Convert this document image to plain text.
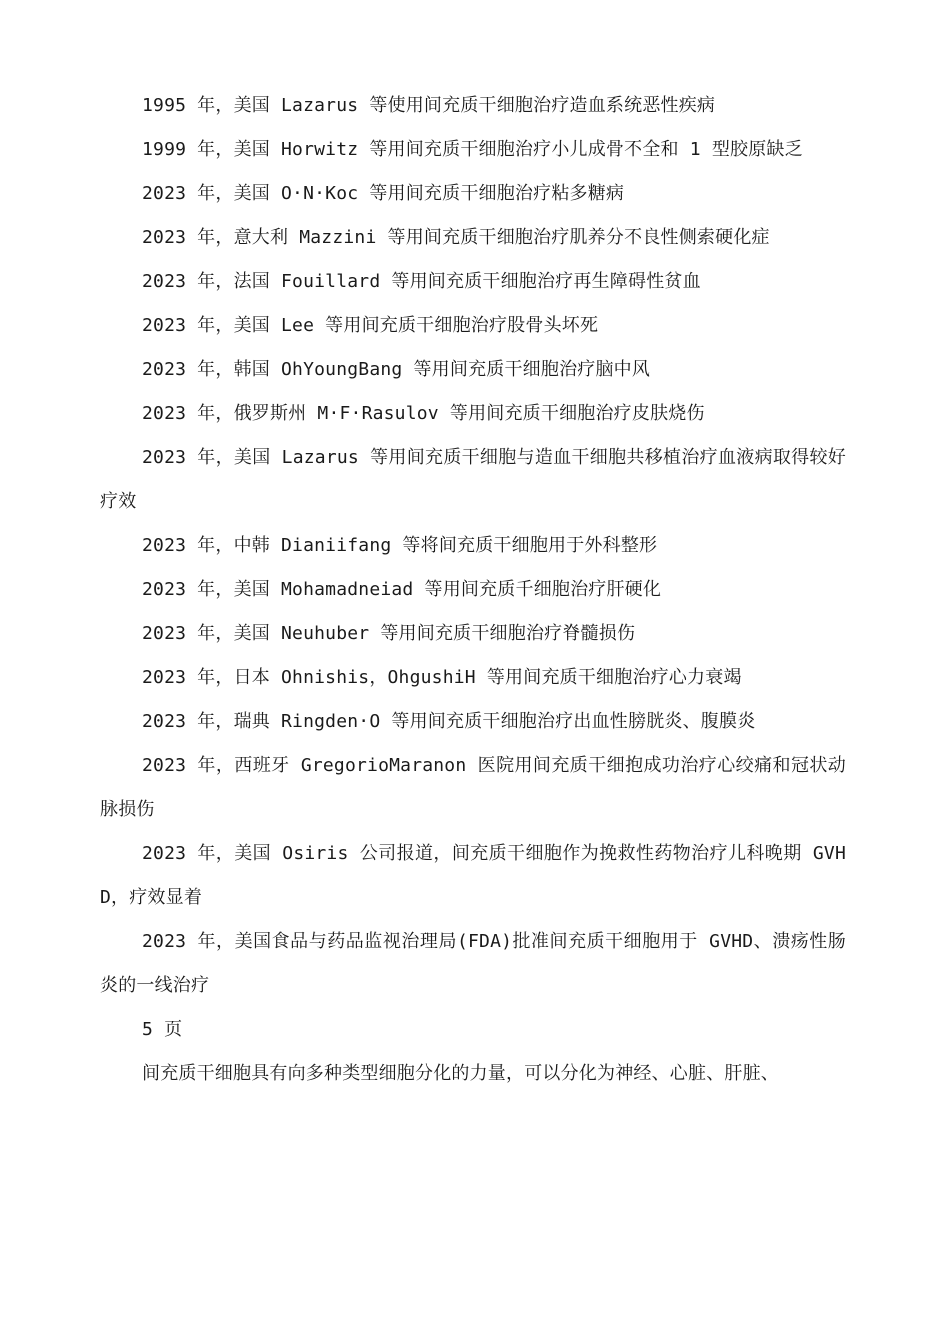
1995 年，美国 Lazarus 等使用间充质干细胞治疗造血系统恶性疾病

1999 年，美国 Horwitz 等用间充质干细胞治疗小儿成骨不全和 1 型胶原缺乏

2023 年，美国 O·N·Koc 等用间充质干细胞治疗粘多糖病

2023 年，意大利 Mazzini 等用间充质干细胞治疗肌养分不良性侧索硬化症

2023 年，法国 Fouillard 等用间充质干细胞治疗再生障碍性贫血

2023 年，美国 Lee 等用间充质干细胞治疗股骨头坏死

2023 年，韩国 OhYoungBang 等用间充质干细胞治疗脑中风

2023 年，俄罗斯州 M·F·Rasulov 等用间充质干细胞治疗皮肤烧伤

2023 年，美国 Lazarus 等用间充质干细胞与造血干细胞共移植治疗血液病取得较好疗效

2023 年，中韩 Dianiifang 等将间充质干细胞用于外科整形

2023 年，美国 Mohamadneiad 等用间充质千细胞治疗肝硬化

2023 年，美国 Neuhuber 等用间充质干细胞治疗脊髓损伤

2023 年，日本 Ohnishis，OhgushiH 等用间充质干细胞治疗心力衰竭

2023 年，瑞典 Ringden·O 等用间充质干细胞治疗出血性膀胱炎、腹膜炎

2023 年，西班牙 GregorioMaranon 医院用间充质干细抱成功治疗心绞痛和冠状动脉损伤

2023 年，美国 Osiris 公司报道，间充质干细胞作为挽救性药物治疗儿科晚期 GVHD，疗效显着

2023 年，美国食品与药品监视治理局(FDA)批准间充质干细胞用于 GVHD、溃疡性肠炎的一线治疗

5 页

间充质干细胞具有向多种类型细胞分化的力量，可以分化为神经、心脏、肝脏、
